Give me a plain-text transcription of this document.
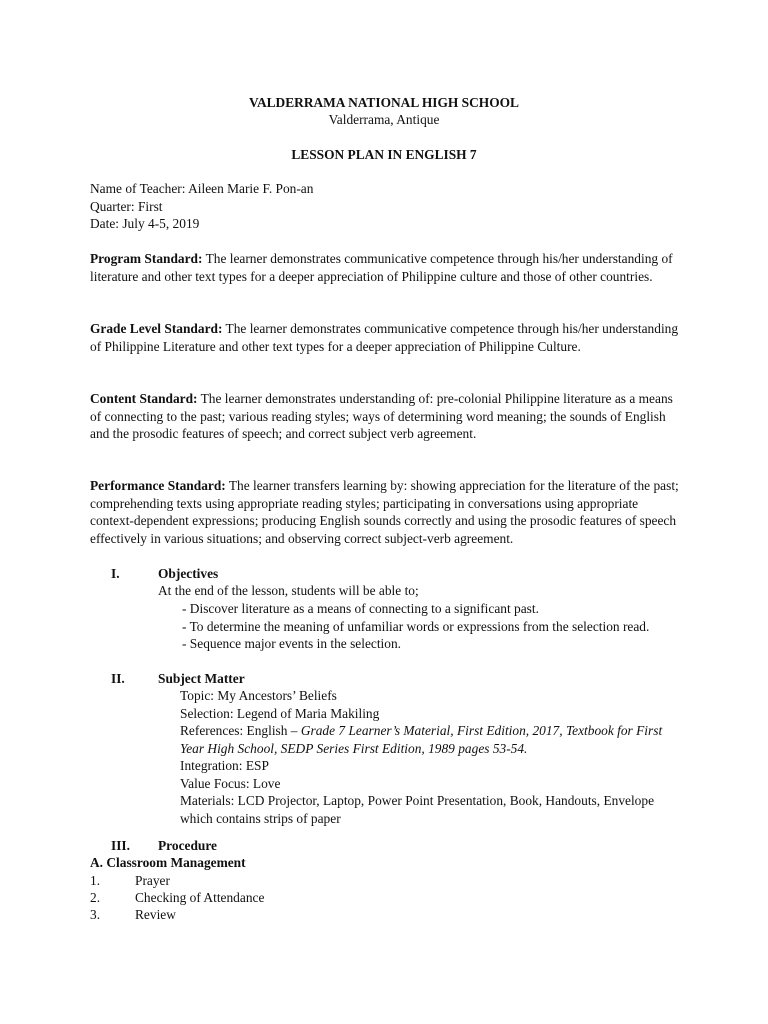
VALDERRAMA NATIONAL HIGH SCHOOL
Valderrama, Antique
LESSON PLAN IN ENGLISH 7
Name of Teacher: Aileen Marie F. Pon-an
Quarter: First
Date: July 4-5, 2019
Program Standard: The learner demonstrates communicative competence through his/her understanding of literature and other text types for a deeper appreciation of Philippine culture and those of other countries.
Grade Level Standard: The learner demonstrates communicative competence through his/her understanding of Philippine Literature and other text types for a deeper appreciation of Philippine Culture.
Content Standard: The learner demonstrates understanding of: pre-colonial Philippine literature as a means of connecting to the past; various reading styles; ways of determining word meaning; the sounds of English and the prosodic features of speech; and correct subject verb agreement.
Performance Standard: The learner transfers learning by: showing appreciation for the literature of the past; comprehending texts using appropriate reading styles; participating in conversations using appropriate context-dependent expressions; producing English sounds correctly and using the prosodic features of speech effectively in various situations; and observing correct subject-verb agreement.
I.	Objectives
At the end of the lesson, students will be able to;
- Discover literature as a means of connecting to a significant past.
- To determine the meaning of unfamiliar words or expressions from the selection read.
- Sequence major events in the selection.
II. Subject Matter
Topic: My Ancestors’ Beliefs
Selection: Legend of Maria Makiling
References: English – Grade 7 Learner’s Material, First Edition, 2017, Textbook for First Year High School, SEDP Series First Edition, 1989 pages 53-54.
Integration: ESP
Value Focus: Love
Materials: LCD Projector, Laptop, Power Point Presentation, Book, Handouts, Envelope which contains strips of paper
III. Procedure
A. Classroom Management
1.	Prayer
2.	Checking of Attendance
3.	Review
